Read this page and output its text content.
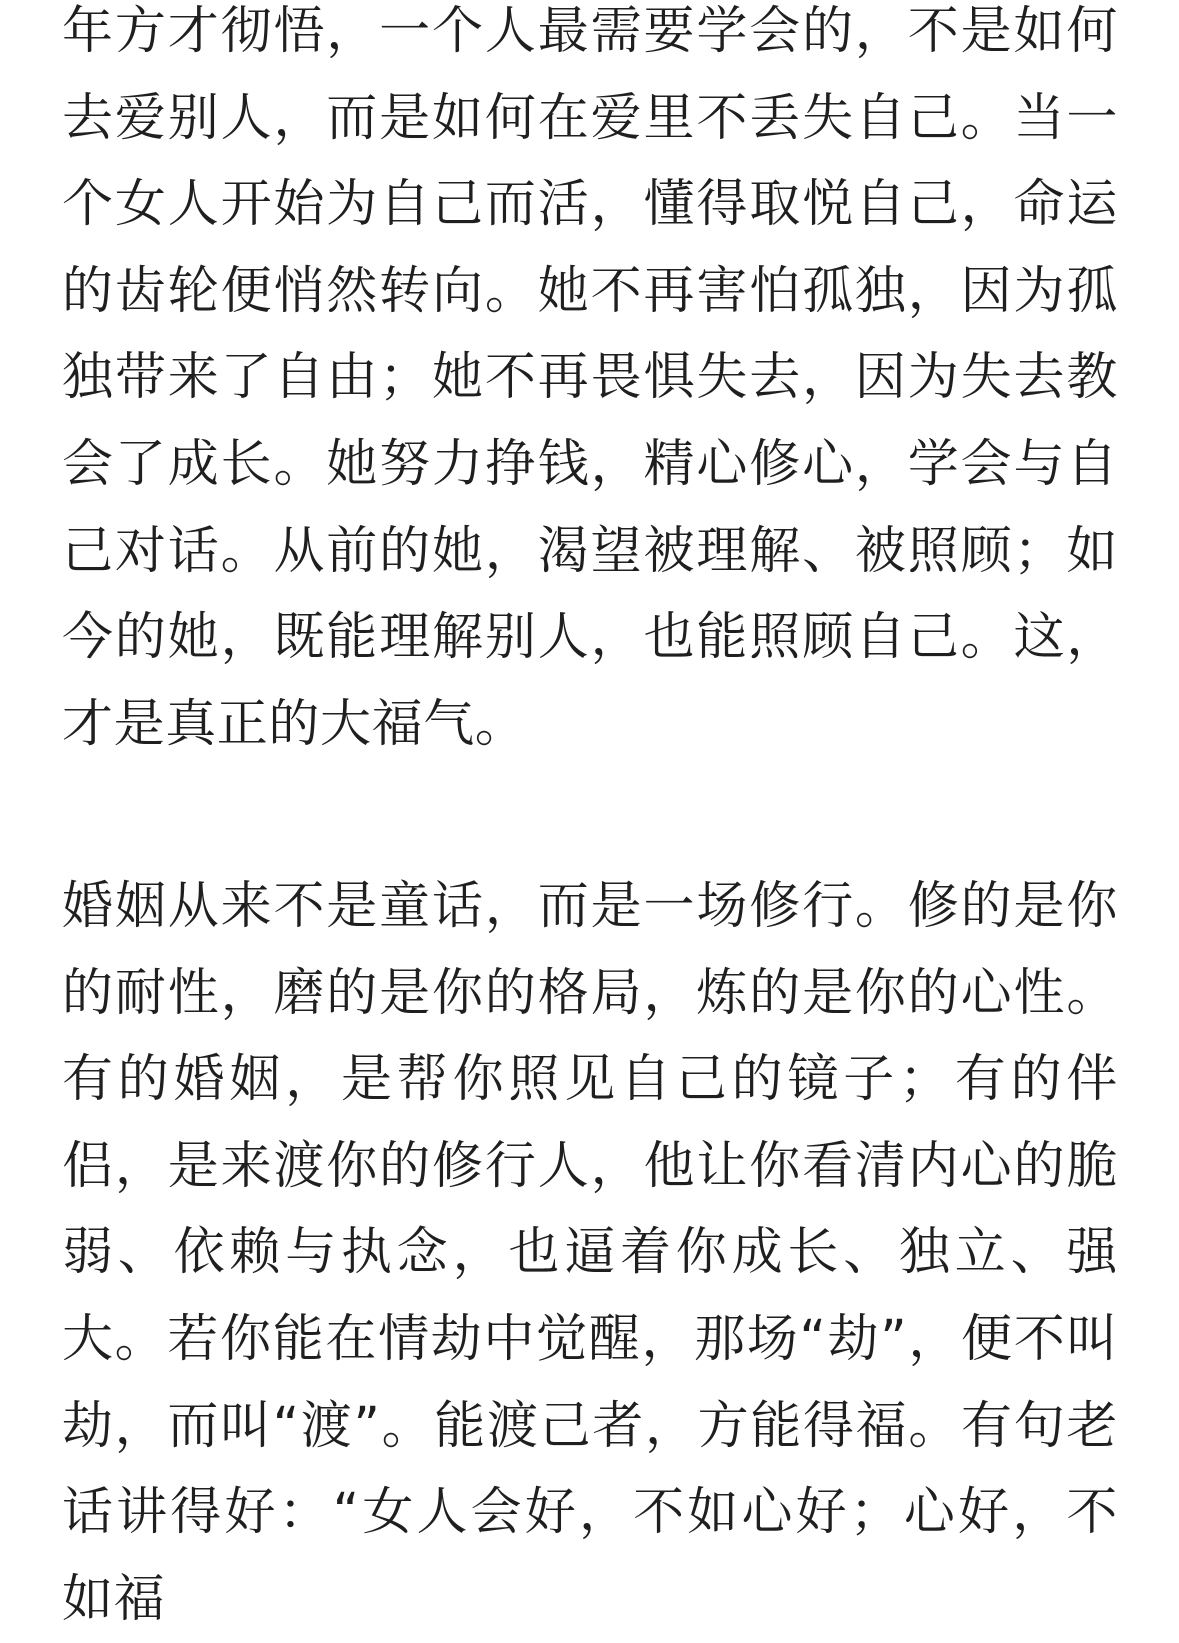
年方才彻悟，一个人最需要学会的，不是如何去爱别人，而是如何在爱里不丢失自己。当一个女人开始为自己而活，懂得取悦自己，命运的齿轮便悄然转向。她不再害怕孤独，因为孤独带来了自由；她不再畏惧失去，因为失去教会了成长。她努力挣钱，精心修心，学会与自己对话。从前的她，渴望被理解、被照顾；如今的她，既能理解别人，也能照顾自己。这，才是真正的大福气。

婚姻从来不是童话，而是一场修行。修的是你的耐性，磨的是你的格局，炼的是你的心性。有的婚姻，是帮你照见自己的镜子；有的伴侣，是来渡你的修行人，他让你看清内心的脆弱、依赖与执念，也逼着你成长、独立、强大。若你能在情劫中觉醒，那场“劫”，便不叫劫，而叫“渡”。能渡己者，方能得福。有句老话讲得好：“女人会好，不如心好；心好，不如福
